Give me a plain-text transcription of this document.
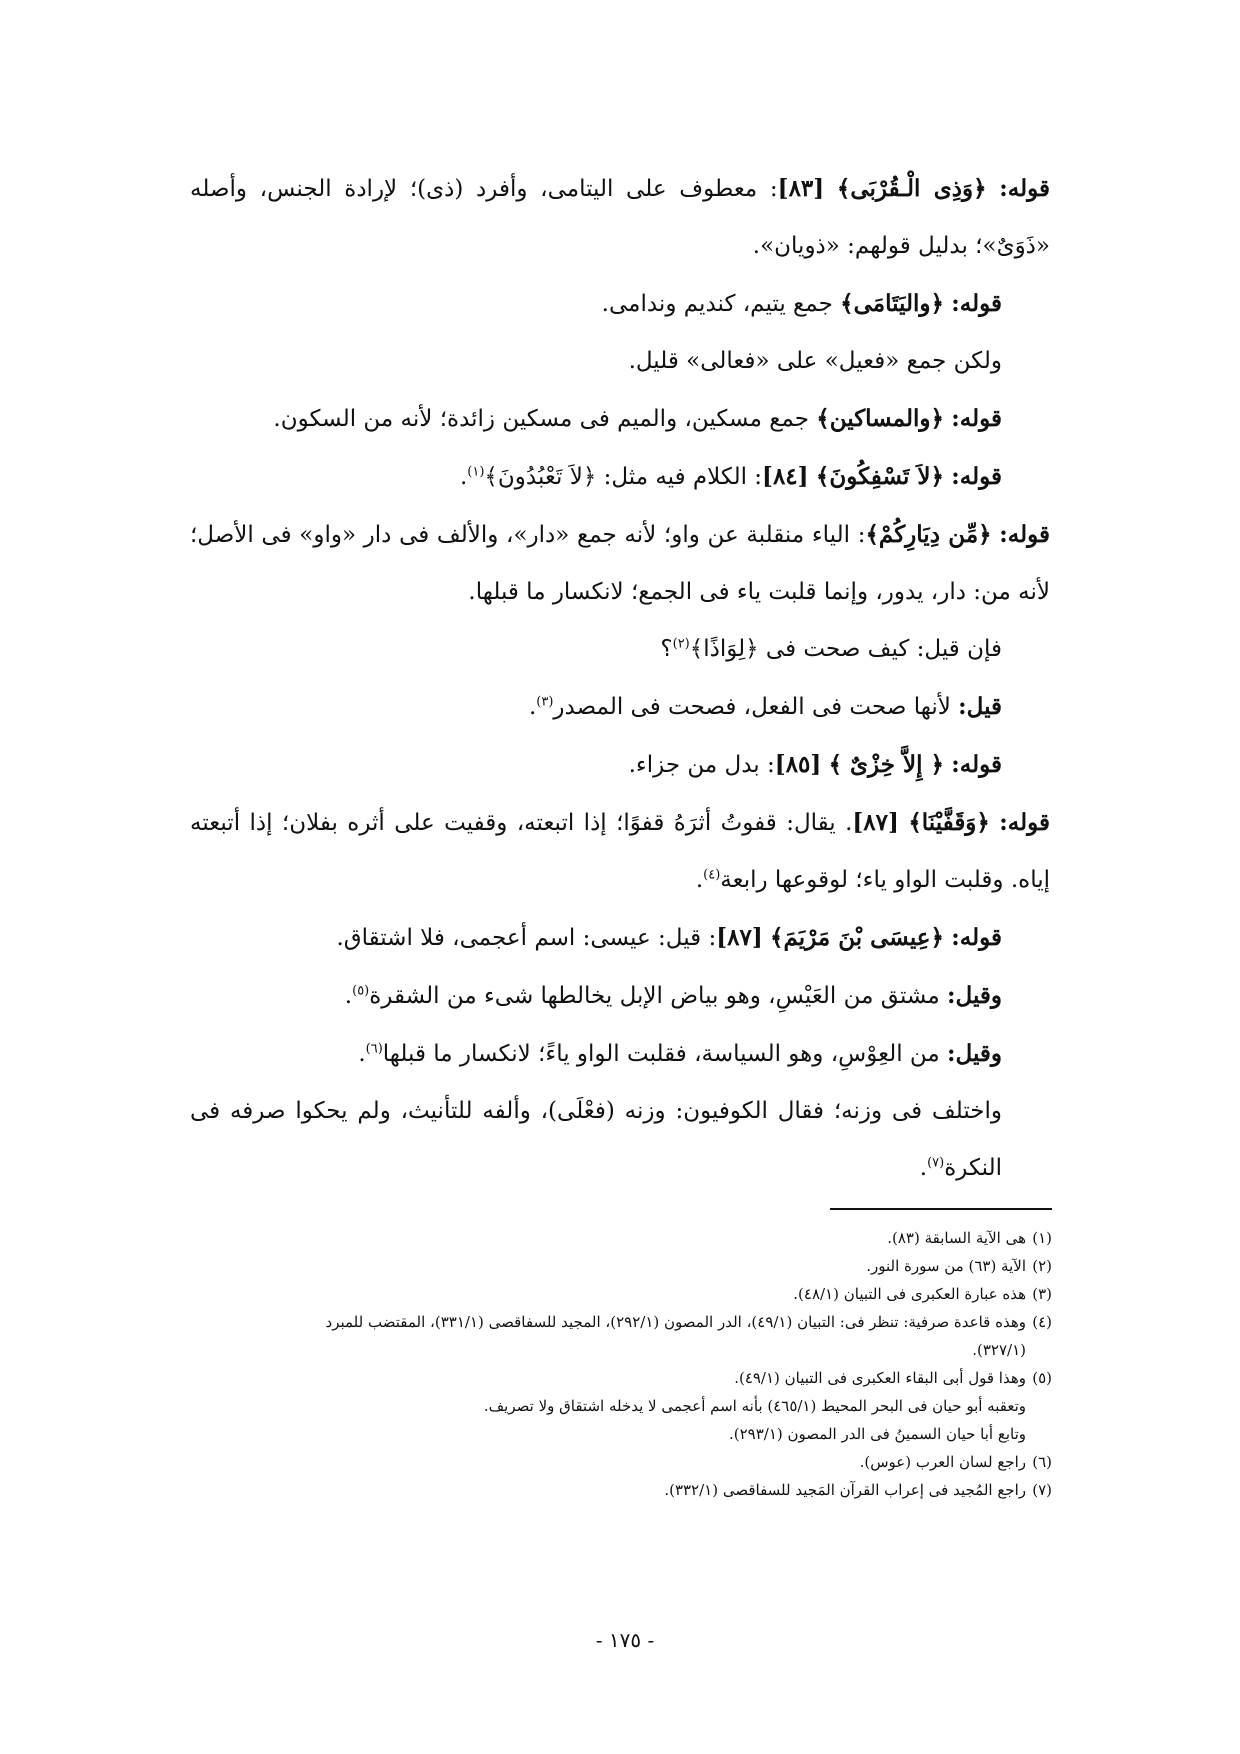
قوله: ﴿وَذِى الْـقُرْبَى﴾ [٨٣]: معطوف على اليتامى، وأفرد (ذى)؛ لإرادة الجنس، وأصله «ذَوَىٌ»؛ بدليل قولهم: «ذويان».

قوله: ﴿واليَتَامَى﴾ جمع يتيم، كنديم وندامى.

ولكن جمع «فعيل» على «فعالى» قليل.

قوله: ﴿والمساكين﴾ جمع مسكين، والميم فى مسكين زائدة؛ لأنه من السكون.

قوله: ﴿لاَ تَسْفِكُونَ﴾ [٨٤]: الكلام فيه مثل: ﴿لاَ تَعْبُدُونَ﴾$^{(١)}$.

قوله: ﴿مِّن دِيَارِكُمْ﴾: الياء منقلبة عن واو؛ لأنه جمع «دار»، والألف فى دار «واو» فى الأصل؛ لأنه من: دار، يدور، وإنما قلبت ياء فى الجمع؛ لانكسار ما قبلها.

فإن قيل: كيف صحت فى ﴿لِوَاذًا﴾$^{(٢)}$؟

قيل: لأنها صحت فى الفعل، فصحت فى المصدر$^{(٣)}$.

قوله: ﴿ إِلاَّ خِزْىٌ ﴾ [٨٥]: بدل من جزاء.

قوله: ﴿وَقَفَّيْنَا﴾ [٨٧]. يقال: قفوتُ أثرَهُ قفوًا؛ إذا اتبعته، وقفيت على أثره بفلان؛ إذا أتبعته إياه. وقلبت الواو ياء؛ لوقوعها رابعة$^{(٤)}$.

قوله: ﴿عِيسَى بْنَ مَرْيَمَ﴾ [٨٧]: قيل: عيسى: اسم أعجمى، فلا اشتقاق.

وقيل: مشتق من العَيْسِ، وهو بياض الإبل يخالطها شىء من الشقرة$^{(٥)}$.

وقيل: من العِوْسِ، وهو السياسة، فقلبت الواو ياءً؛ لانكسار ما قبلها$^{(٦)}$.

واختلف فى وزنه؛ فقال الكوفيون: وزنه (فعْلَى)، وألفه للتأنيث، ولم يحكوا صرفه فى النكرة$^{(٧)}$.

(١)هى الآية السابقة (٨٣).

(٢)الآية (٦٣) من سورة النور.

(٣)هذه عبارة العكبرى فى التبيان (٤٨/١).

(٤)وهذه قاعدة صرفية: تنظر فى: التبيان (٤٩/١)، الدر المصون (٢٩٢/١)، المجيد للسفاقصى (٣٣١/١)، المقتضب للمبرد
(٣٢٧/١).

(٥)وهذا قول أبى البقاء العكبرى فى التبيان (٤٩/١).

وتعقبه أبو حيان فى البحر المحيط (٤٦٥/١) بأنه اسم أعجمى لا يدخله اشتقاق ولا تصريف.

وتابع أبا حيان السمينُ فى الدر المصون (٢٩٣/١).

(٦)راجع لسان العرب (عوس).

(٧)راجع المُجيد فى إعراب القرآن المَجيد للسفاقصى (٣٣٢/١).

- ١٧٥ -
